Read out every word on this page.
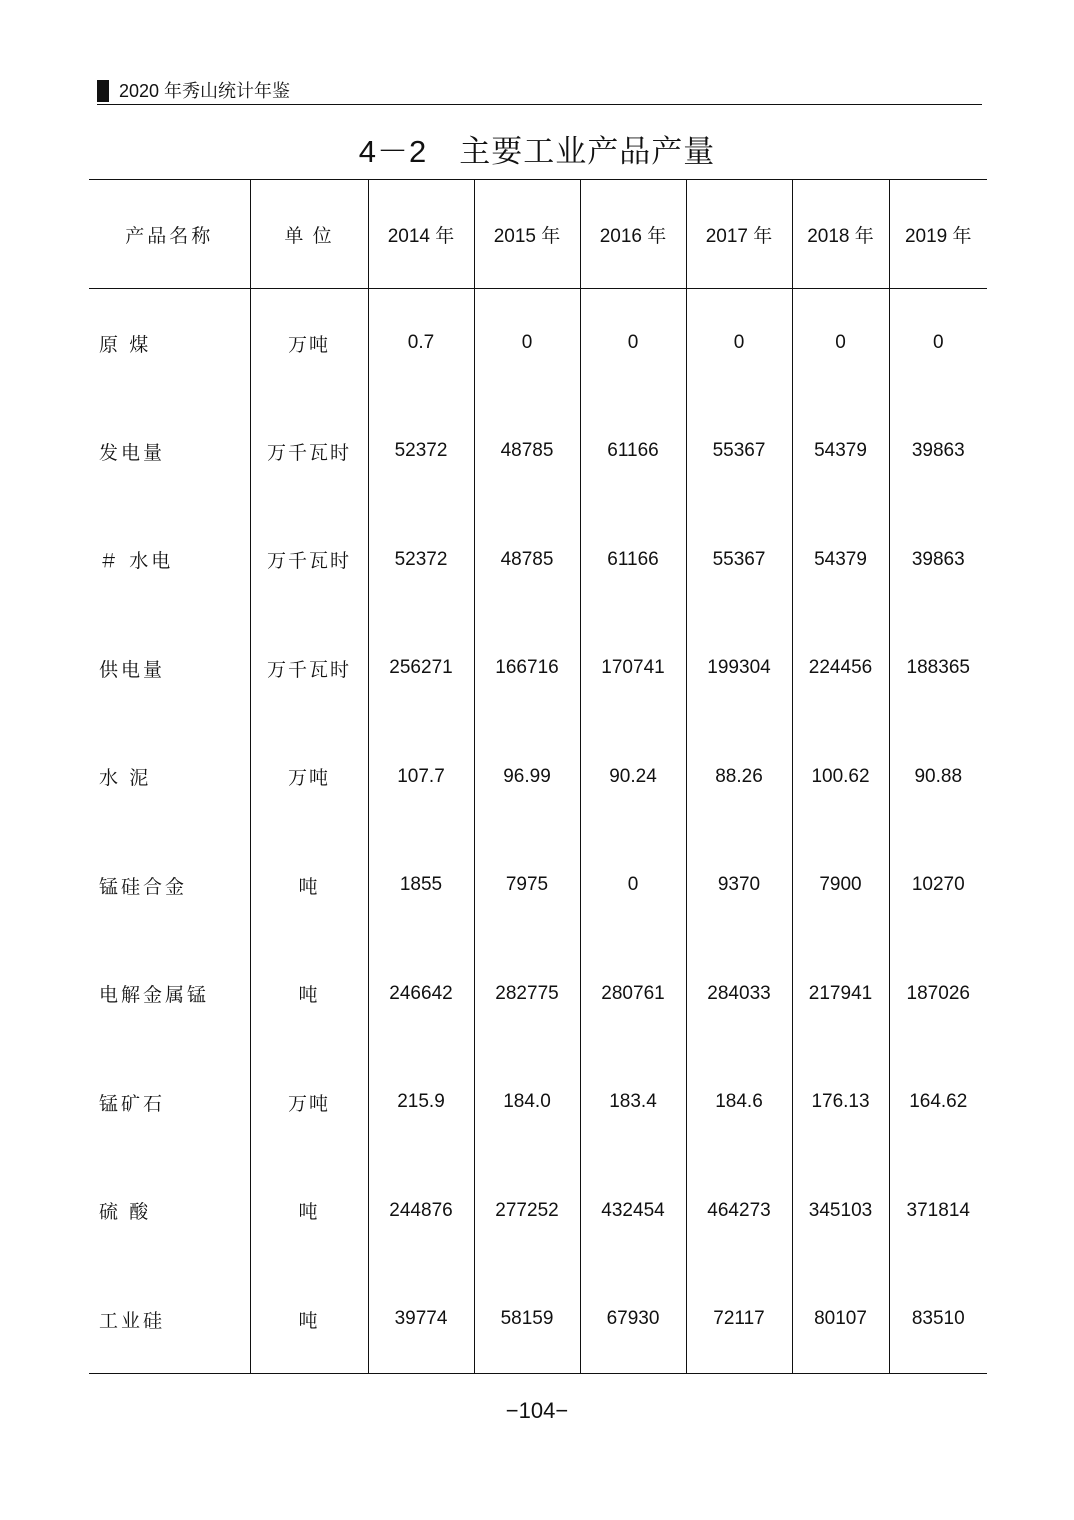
2020 年秀山统计年鉴
4－2　主要工业产品产量
产品名称	单 位	2014 年	2015 年	2016 年	2017 年	2018 年	2019 年
原 煤	万吨	0.7	0	0	0	0	0
发电量	万千瓦时	52372	48785	61166	55367	54379	39863
＃ 水电	万千瓦时	52372	48785	61166	55367	54379	39863
供电量	万千瓦时	256271	166716	170741	199304	224456	188365
水 泥	万吨	107.7	96.99	90.24	88.26	100.62	90.88
锰硅合金	吨	1855	7975	0	9370	7900	10270
电解金属锰	吨	246642	282775	280761	284033	217941	187026
锰矿石	万吨	215.9	184.0	183.4	184.6	176.13	164.62
硫 酸	吨	244876	277252	432454	464273	345103	371814
工业硅	吨	39774	58159	67930	72117	80107	83510
−104−
